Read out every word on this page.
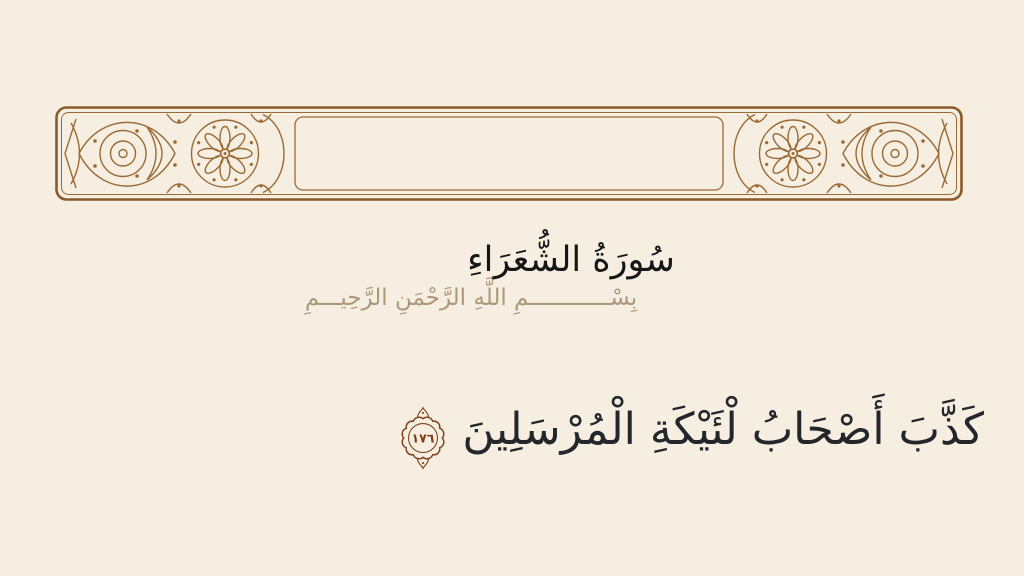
سُورَةُ الشُّعَرَاءِ
بِسْــــــــــــمِ اللَّهِ الرَّحْمَنِ الرَّحِيـــمِ
كَذَّبَ أَصْحَابُ لْئَيْكَةِ الْمُرْسَلِينَ
١٧٦
